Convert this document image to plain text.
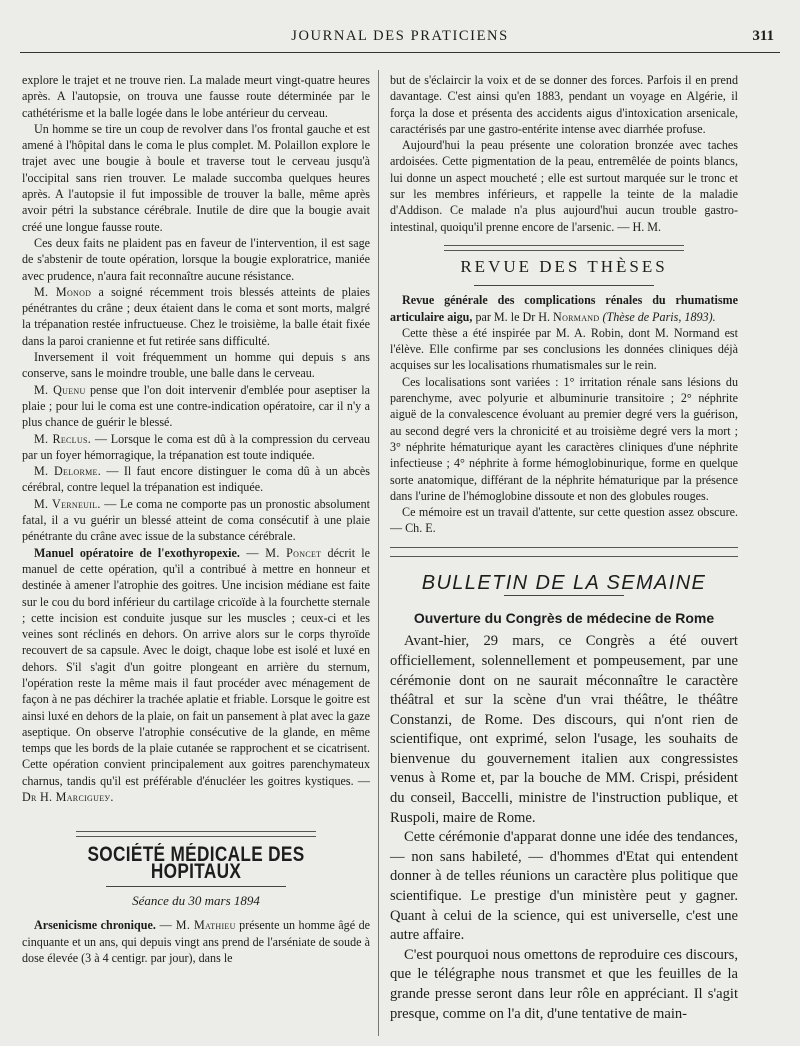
JOURNAL DES PRATICIENS	311

explore le trajet et ne trouve rien. La malade meurt vingt-quatre heures après. A l'autopsie, on trouva une fausse route déterminée par le cathétérisme et la balle logée dans le lobe antérieur du cerveau.

Un homme se tire un coup de revolver dans l'os frontal gauche et est amené à l'hôpital dans le coma le plus complet. M. Polaillon explore le trajet avec une bougie à boule et traverse tout le cerveau jusqu'à l'occipital sans rien trouver. Le malade succomba quelques heures après. A l'autopsie il fut impossible de trouver la balle, même après avoir pétri la substance cérébrale. Inutile de dire que la bougie avait créé une longue fausse route.

Ces deux faits ne plaident pas en faveur de l'intervention, il est sage de s'abstenir de toute opération, lorsque la bougie exploratrice, maniée avec prudence, n'aura fait reconnaître aucune résistance.

M. Monod a soigné récemment trois blessés atteints de plaies pénétrantes du crâne ; deux étaient dans le coma et sont morts, malgré la trépanation restée infructueuse. Chez le troisième, la balle était fixée dans la paroi cranienne et fut retirée sans difficulté.

Inversement il voit fréquemment un homme qui depuis s ans conserve, sans le moindre trouble, une balle dans le cerveau.

M. Quenu pense que l'on doit intervenir d'emblée pour aseptiser la plaie ; pour lui le coma est une contre-indication opératoire, car il n'y a plus chance de guérir le blessé.

M. Reclus. — Lorsque le coma est dû à la compression du cerveau par un foyer hémorragique, la trépanation est toute indiquée.

M. Delorme. — Il faut encore distinguer le coma dû à un abcès cérébral, contre lequel la trépanation est indiquée.

M. Verneuil. — Le coma ne comporte pas un pronostic absolument fatal, il a vu guérir un blessé atteint de coma consécutif à une plaie pénétrante du crâne avec issue de la substance cérébrale.

Manuel opératoire de l'exothyropexie. — M. Poncet décrit le manuel de cette opération, qu'il a contribué à mettre en honneur et destinée à amener l'atrophie des goitres. Une incision médiane est faite sur le cou du bord inférieur du cartilage cricoïde à la fourchette sternale ; cette incision est conduite jusque sur les muscles ; ceux-ci et les veines sont réclinés en dehors. On arrive alors sur le corps thyroïde recouvert de sa capsule. Avec le doigt, chaque lobe est isolé et luxé en dehors. S'il s'agit d'un goitre plongeant en arrière du sternum, l'opération reste la même mais il faut procéder avec ménagement de façon à ne pas déchirer la trachée aplatie et friable. Lorsque le goitre est ainsi luxé en dehors de la plaie, on fait un pansement à plat avec la gaze aseptique. On observe l'atrophie consécutive de la glande, en même temps que les bords de la plaie cutanée se rapprochent et se cicatrisent. Cette opération convient principalement aux goitres parenchymateux charnus, tandis qu'il est préférable d'énucléer les goitres kystiques. — Dr H. Marcigueу.

SOCIÉTÉ MÉDICALE DES HOPITAUX
Séance du 30 mars 1894

Arsenicisme chronique. — M. Mathieu présente un homme âgé de cinquante et un ans, qui depuis vingt ans prend de l'arséniate de soude à dose élevée (3 à 4 centigr. par jour), dans le

but de s'éclaircir la voix et de se donner des forces. Parfois il en prend davantage. C'est ainsi qu'en 1883, pendant un voyage en Algérie, il força la dose et présenta des accidents aigus d'intoxication arsenicale, caractérisés par une gastro-entérite intense avec diarrhée profuse.

Aujourd'hui la peau présente une coloration bronzée avec taches ardoisées. Cette pigmentation de la peau, entremêlée de points blancs, lui donne un aspect moucheté ; elle est surtout marquée sur le tronc et sur les membres inférieurs, et rappelle la teinte de la maladie d'Addison. Ce malade n'a plus aujourd'hui aucun trouble gastro-intestinal, quoiqu'il prenne encore de l'arsenic. — H. M.

REVUE DES THÈSES

Revue générale des complications rénales du rhumatisme articulaire aigu, par M. le Dr H. Normand (Thèse de Paris, 1893).

Cette thèse a été inspirée par M. A. Robin, dont M. Normand est l'élève. Elle confirme par ses conclusions les données cliniques déjà acquises sur les localisations rhumatismales sur le rein.

Ces localisations sont variées : 1° irritation rénale sans lésions du parenchyme, avec polyurie et albuminurie transitoire ; 2° néphrite aiguë de la convalescence évoluant au premier degré vers la guérison, au second degré vers la chronicité et au troisième degré vers la mort ; 3° néphrite hématurique ayant les caractères cliniques d'une néphrite infectieuse ; 4° néphrite à forme hémoglobinurique, forme en quelque sorte anatomique, différant de la néphrite hématurique par la présence dans l'urine de l'hémoglobine dissoute et non des globules rouges.

Ce mémoire est un travail d'attente, sur cette question assez obscure. — Ch. E.

BULLETIN DE LA SEMAINE
Ouverture du Congrès de médecine de Rome

Avant-hier, 29 mars, ce Congrès a été ouvert officiellement, solennellement et pompeusement, par une cérémonie dont on ne saurait méconnaître le caractère théâtral et sur la scène d'un vrai théâtre, le théâtre Constanzi, de Rome. Des discours, qui n'ont rien de scientifique, ont exprimé, selon l'usage, les souhaits de bienvenue du gouvernement italien aux congressistes venus à Rome et, par la bouche de MM. Crispi, président du conseil, Baccelli, ministre de l'instruction publique, et Ruspoli, maire de Rome.

Cette cérémonie d'apparat donne une idée des tendances, — non sans habileté, — d'hommes d'Etat qui entendent donner à de telles réunions un caractère plus politique que scientifique. Le prestige d'un ministère peut y gagner. Quant à celui de la science, qui est universelle, c'est une autre affaire.

C'est pourquoi nous omettons de reproduire ces discours, que le télégraphe nous transmet et que les feuilles de la grande presse seront dans leur rôle en appréciant. Il s'agit presque, comme on l'a dit, d'une tentative de main-
